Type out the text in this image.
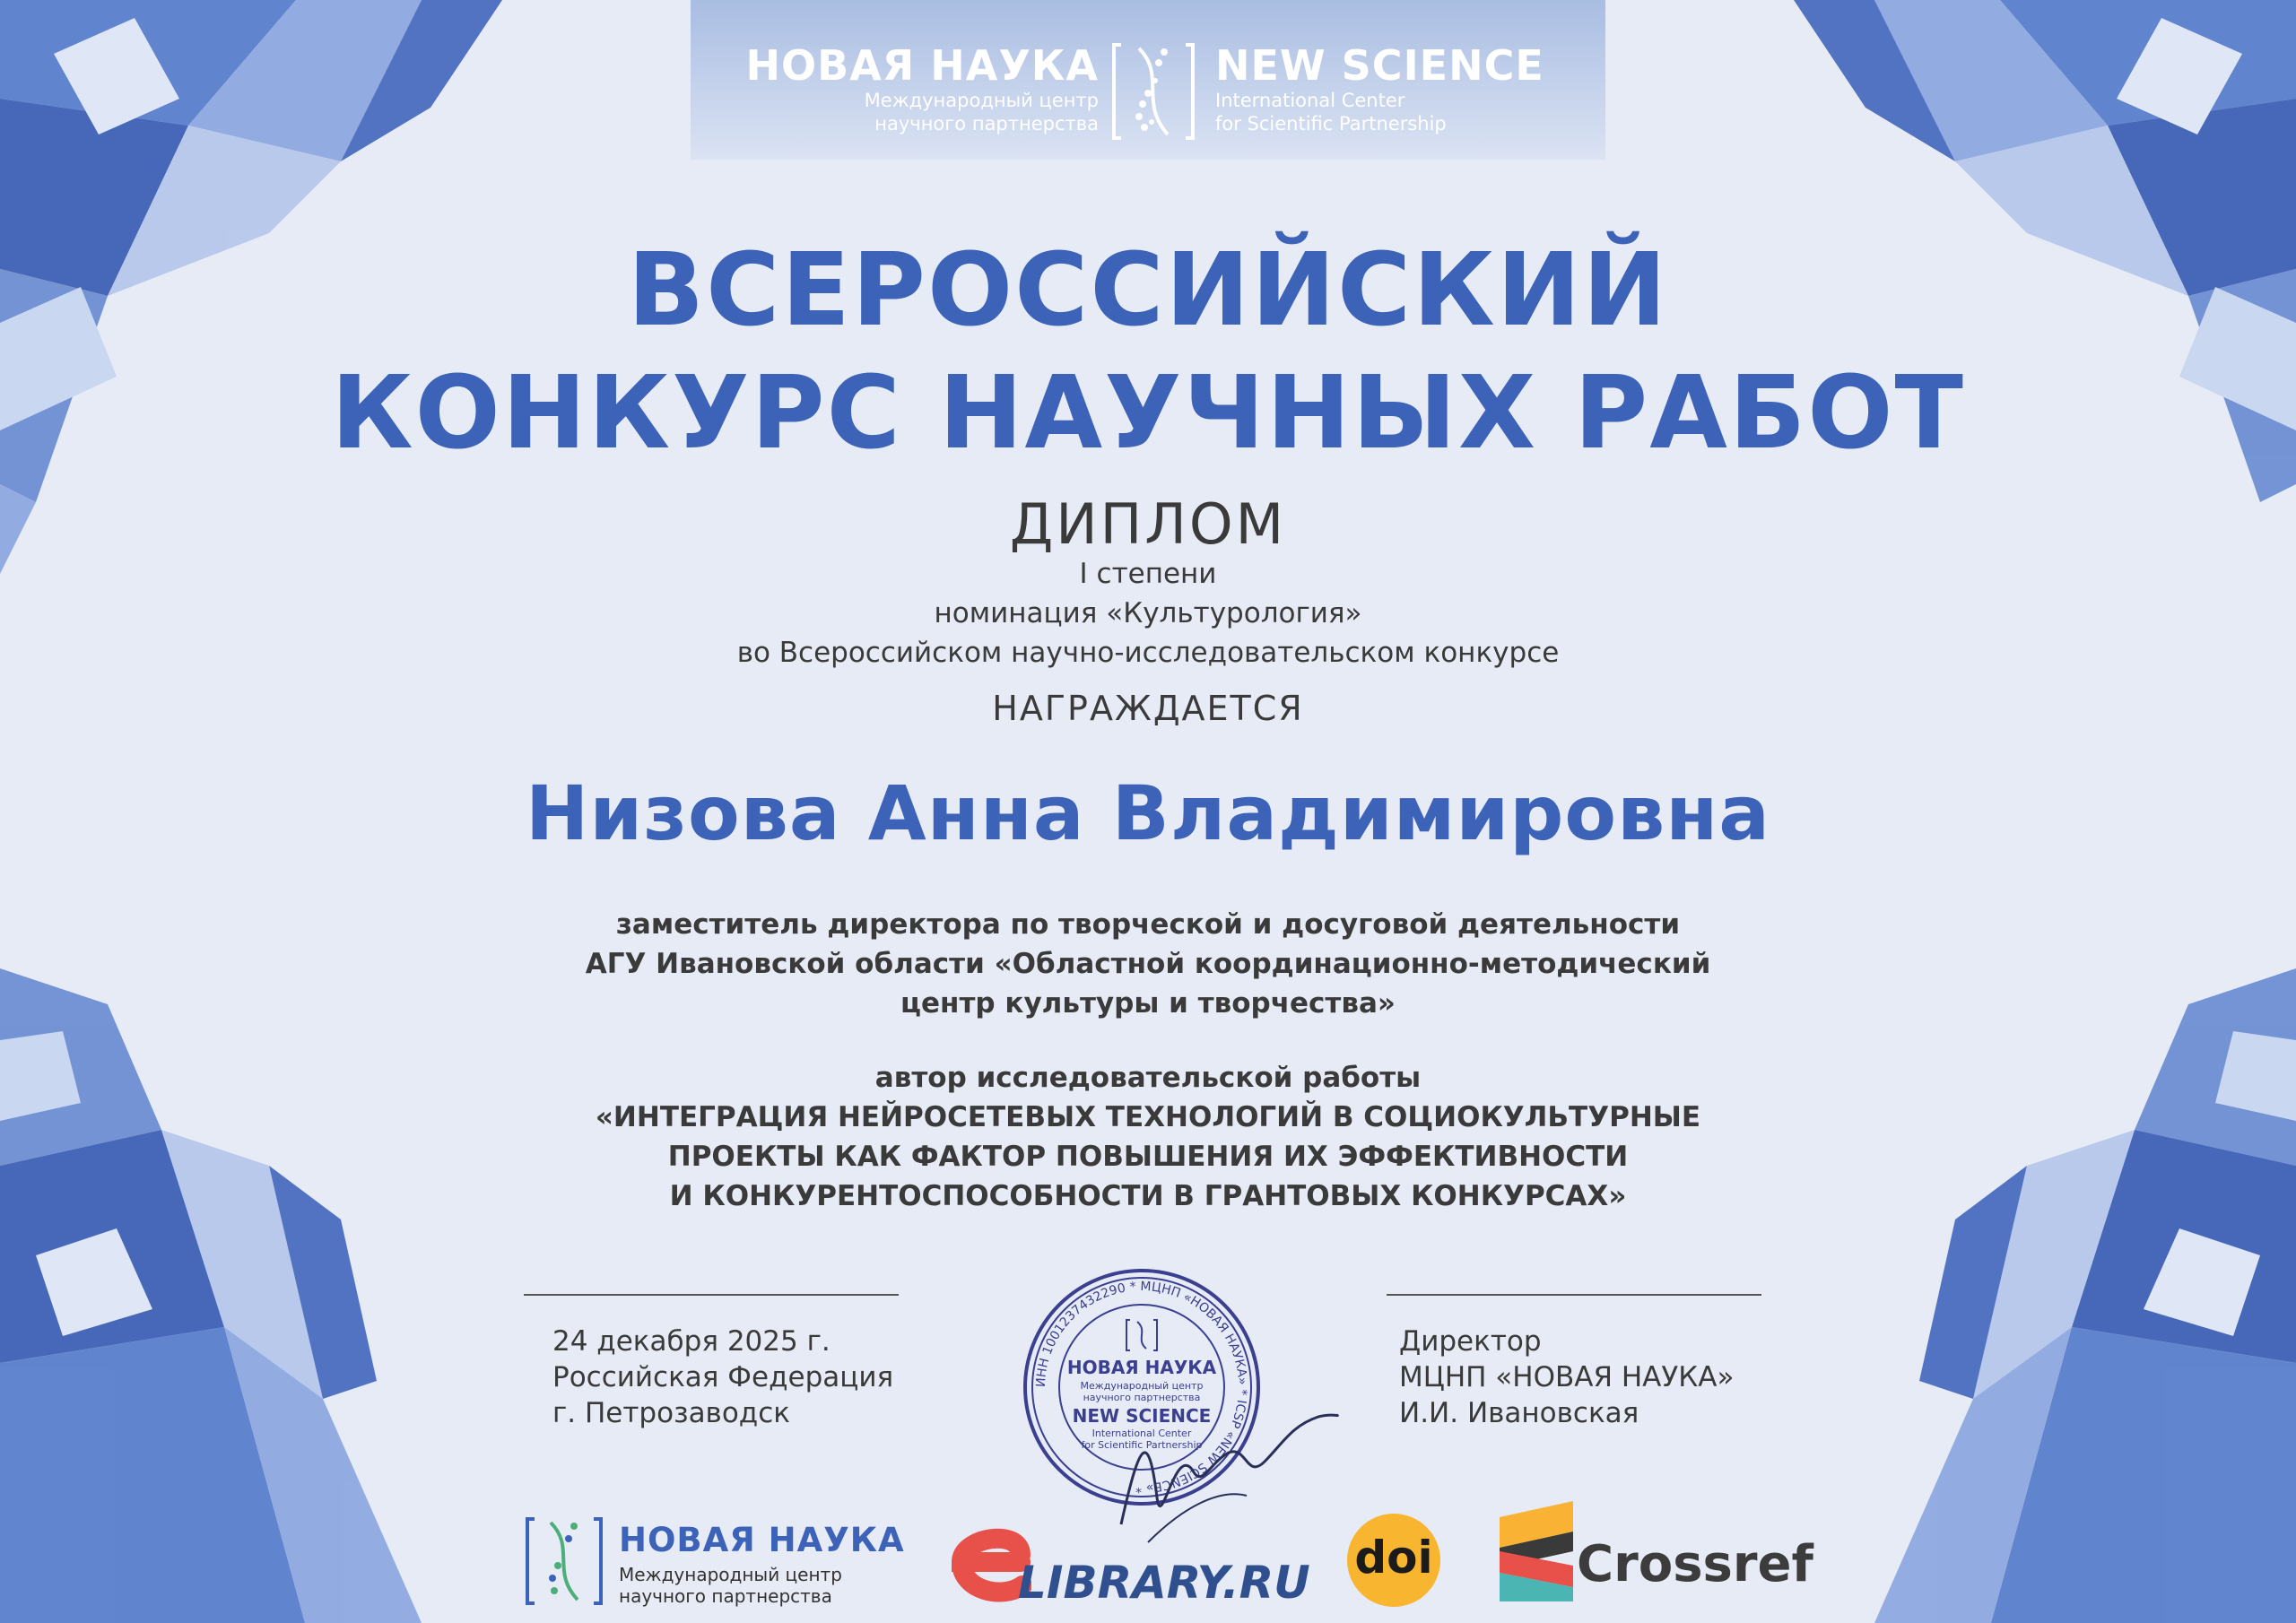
НОВАЯ НАУКА
Международный центр
научного партнерства
NEW SCIENCE
International Center
for Scientific Partnership
ВСЕРОССИЙСКИЙ
КОНКУРС НАУЧНЫХ РАБОТ
ДИПЛОМ
I степени
номинация «Культурология»
во Всероссийском научно-исследовательском конкурсе
НАГРАЖДАЕТСЯ
Низова Анна Владимировна
заместитель директора по творческой и досуговой деятельности
АГУ Ивановской области «Областной координационно-методический
центр культуры и творчества»
автор исследовательской работы
«ИНТЕГРАЦИЯ НЕЙРОСЕТЕВЫХ ТЕХНОЛОГИЙ В СОЦИОКУЛЬТУРНЫЕ
ПРОЕКТЫ КАК ФАКТОР ПОВЫШЕНИЯ ИХ ЭФФЕКТИВНОСТИ
И КОНКУРЕНТОСПОСОБНОСТИ В ГРАНТОВЫХ КОНКУРСАХ»
24 декабря 2025 г.
Российская Федерация
г. Петрозаводск
Директор
МЦНП «НОВАЯ НАУКА»
И.И. Ивановская
ИНН 1001237432290 * МЦНП «НОВАЯ НАУКА» * ICSP «NEW SCIENCE» *
НОВАЯ НАУКА
Международный центр
научного партнерства
NEW SCIENCE
International Center
for Scientific Partnership
НОВАЯ НАУКА
Международный центр
научного партнерства	LIBRARY.RU doi	Crossref
